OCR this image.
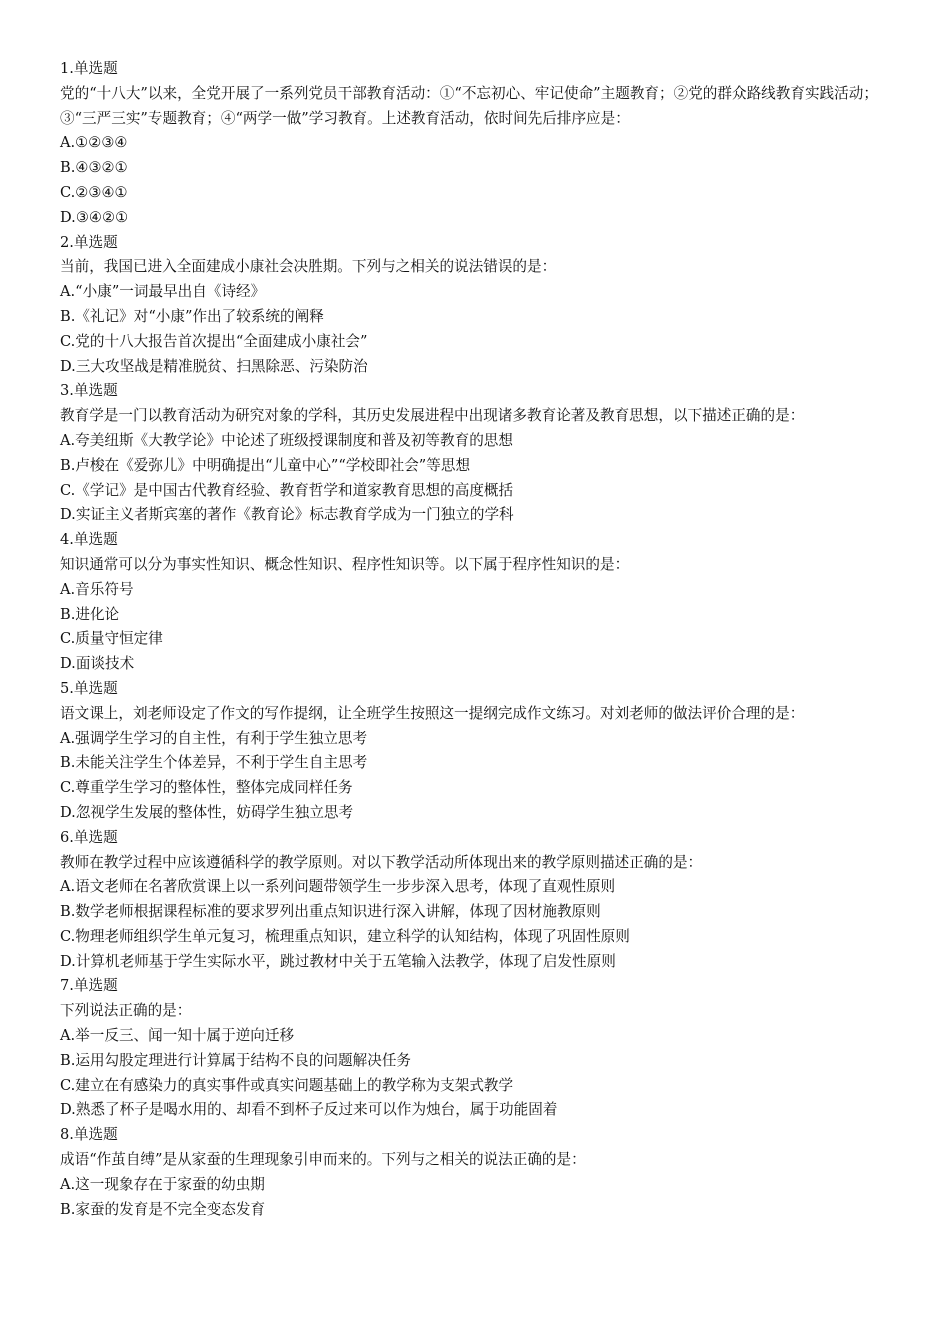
1.单选题
党的“十八大”以来，全党开展了一系列党员干部教育活动：①“不忘初心、牢记使命”主题教育；②党的群众路线教育实践活动；③“三严三实”专题教育；④“两学一做”学习教育。上述教育活动，依时间先后排序应是：
A.①②③④
B.④③②①
C.②③④①
D.③④②①
2.单选题
当前，我国已进入全面建成小康社会决胜期。下列与之相关的说法错误的是：
A.“小康”一词最早出自《诗经》
B.《礼记》对“小康”作出了较系统的阐释
C.党的十八大报告首次提出“全面建成小康社会”
D.三大攻坚战是精准脱贫、扫黑除恶、污染防治
3.单选题
教育学是一门以教育活动为研究对象的学科，其历史发展进程中出现诸多教育论著及教育思想，以下描述正确的是：
A.夸美纽斯《大教学论》中论述了班级授课制度和普及初等教育的思想
B.卢梭在《爱弥儿》中明确提出“儿童中心”“学校即社会”等思想
C.《学记》是中国古代教育经验、教育哲学和道家教育思想的高度概括
D.实证主义者斯宾塞的著作《教育论》标志教育学成为一门独立的学科
4.单选题
知识通常可以分为事实性知识、概念性知识、程序性知识等。以下属于程序性知识的是：
A.音乐符号
B.进化论
C.质量守恒定律
D.面谈技术
5.单选题
语文课上，刘老师设定了作文的写作提纲，让全班学生按照这一提纲完成作文练习。对刘老师的做法评价合理的是：
A.强调学生学习的自主性，有利于学生独立思考
B.未能关注学生个体差异，不利于学生自主思考
C.尊重学生学习的整体性，整体完成同样任务
D.忽视学生发展的整体性，妨碍学生独立思考
6.单选题
教师在教学过程中应该遵循科学的教学原则。对以下教学活动所体现出来的教学原则描述正确的是：
A.语文老师在名著欣赏课上以一系列问题带领学生一步步深入思考，体现了直观性原则
B.数学老师根据课程标准的要求罗列出重点知识进行深入讲解，体现了因材施教原则
C.物理老师组织学生单元复习，梳理重点知识，建立科学的认知结构，体现了巩固性原则
D.计算机老师基于学生实际水平，跳过教材中关于五笔输入法教学，体现了启发性原则
7.单选题
下列说法正确的是：
A.举一反三、闻一知十属于逆向迁移
B.运用勾股定理进行计算属于结构不良的问题解决任务
C.建立在有感染力的真实事件或真实问题基础上的教学称为支架式教学
D.熟悉了杯子是喝水用的、却看不到杯子反过来可以作为烛台，属于功能固着
8.单选题
成语“作茧自缚”是从家蚕的生理现象引申而来的。下列与之相关的说法正确的是：
A.这一现象存在于家蚕的幼虫期
B.家蚕的发育是不完全变态发育
